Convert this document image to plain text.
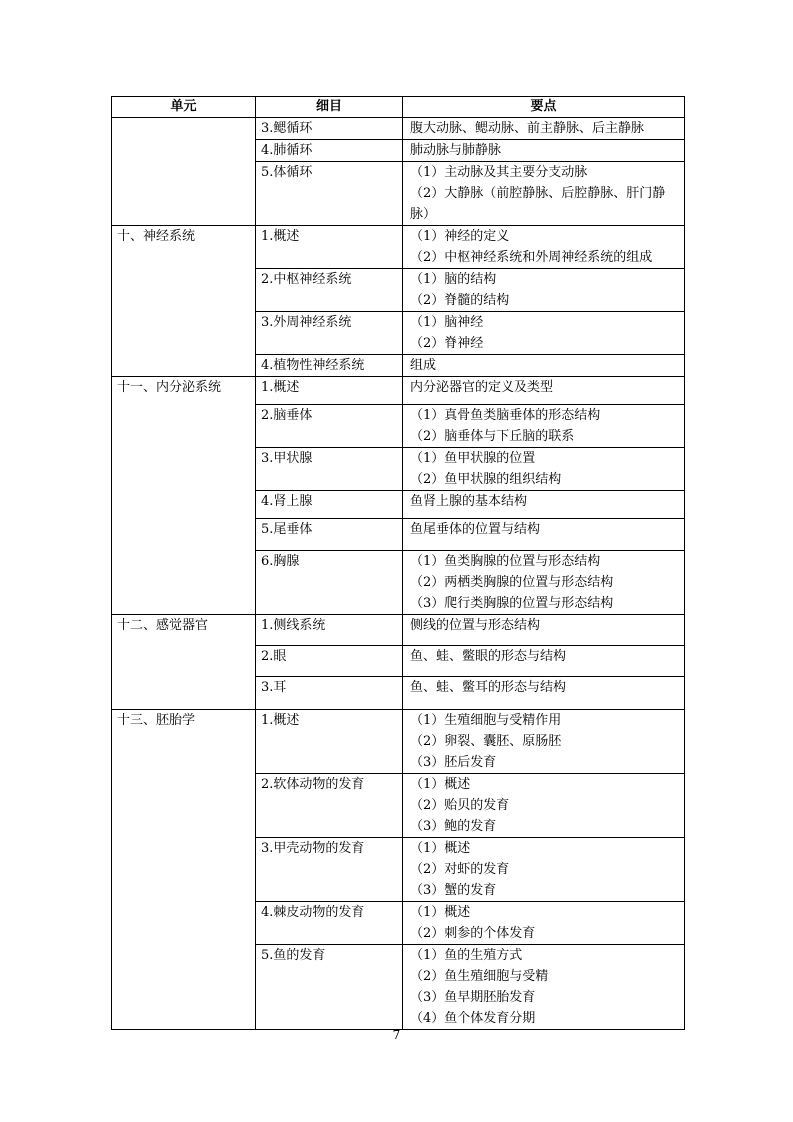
单元	细目	要点
	3.鳃循环	腹大动脉、鳃动脉、前主静脉、后主静脉

	4.肺循环	肺动脉与肺静脉

	5.体循环	（1）主动脉及其主要分支动脉
（2）大静脉（前腔静脉、后腔静脉、肝门静脉）

十、神经系统	1.概述	（1）神经的定义
（2）中枢神经系统和外周神经系统的组成

	2.中枢神经系统	（1）脑的结构
（2）脊髓的结构

	3.外周神经系统	（1）脑神经
（2）脊神经

	4.植物性神经系统	组成

十一、内分泌系统	1.概述	内分泌器官的定义及类型

	2.脑垂体	（1）真骨鱼类脑垂体的形态结构
（2）脑垂体与下丘脑的联系

	3.甲状腺	（1）鱼甲状腺的位置
（2）鱼甲状腺的组织结构

	4.肾上腺	鱼肾上腺的基本结构

	5.尾垂体	鱼尾垂体的位置与结构

	6.胸腺	（1）鱼类胸腺的位置与形态结构
（2）两栖类胸腺的位置与形态结构
（3）爬行类胸腺的位置与形态结构

十二、感觉器官	1.侧线系统	侧线的位置与形态结构

	2.眼	鱼、蛙、鳖眼的形态与结构

	3.耳	鱼、蛙、鳖耳的形态与结构

十三、胚胎学	1.概述	（1）生殖细胞与受精作用
（2）卵裂、囊胚、原肠胚
（3）胚后发育

	2.软体动物的发育	（1）概述
（2）贻贝的发育
（3）鲍的发育

	3.甲壳动物的发育	（1）概述
（2）对虾的发育
（3）蟹的发育

	4.棘皮动物的发育	（1）概述
（2）刺参的个体发育

	5.鱼的发育	（1）鱼的生殖方式
（2）鱼生殖细胞与受精
（3）鱼早期胚胎发育
（4）鱼个体发育分期
7
